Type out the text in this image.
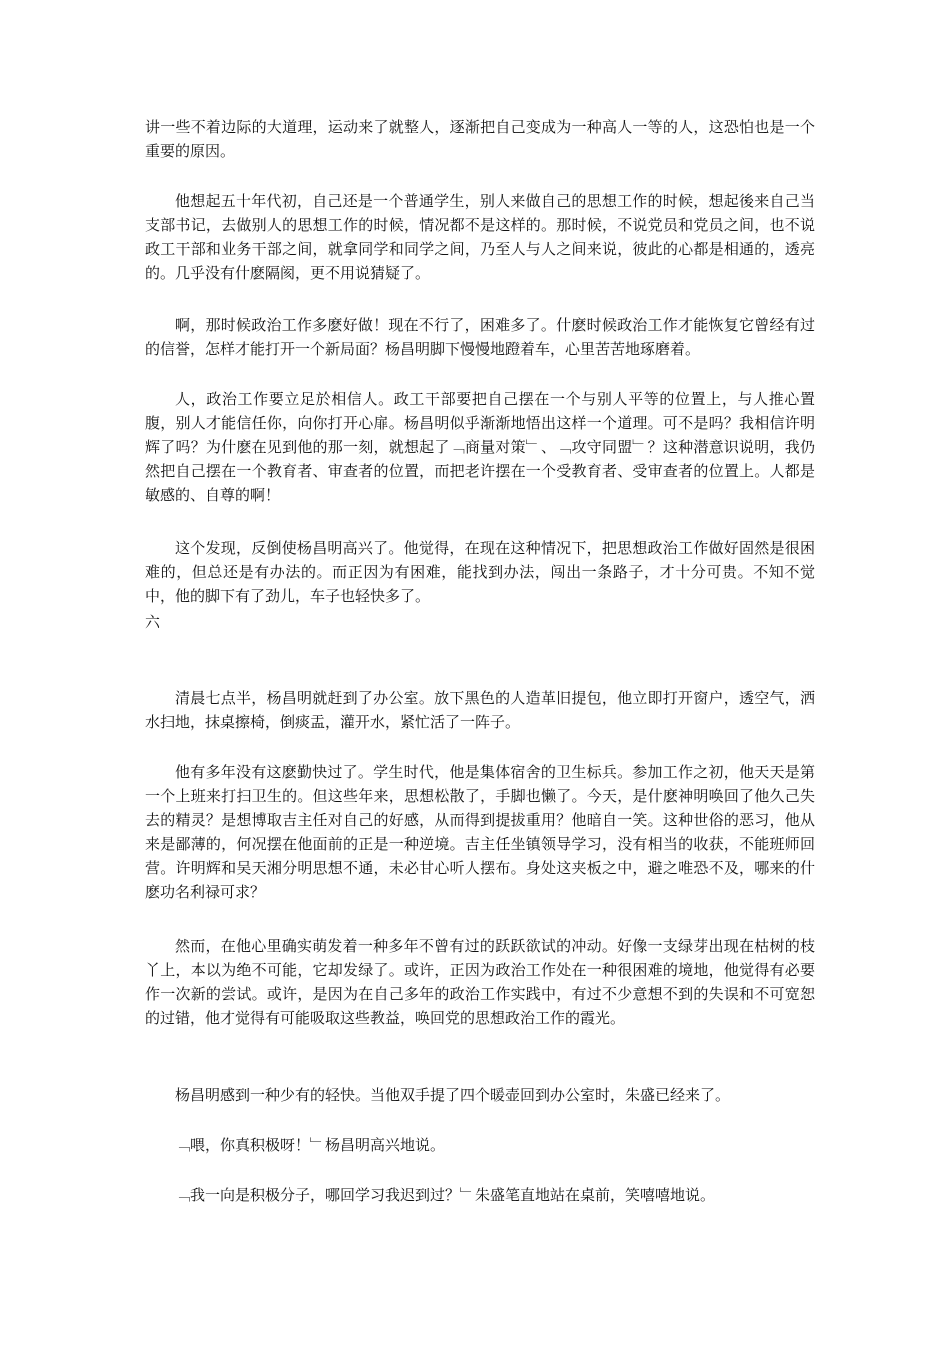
讲一些不着边际的大道理，运动来了就整人，逐渐把自己变成为一种高人一等的人，这恐怕也是一个重要的原因。

他想起五十年代初，自己还是一个普通学生，别人来做自己的思想工作的时候，想起後来自己当支部书记，去做别人的思想工作的时候，情况都不是这样的。那时候，不说党员和党员之间，也不说政工干部和业务干部之间，就拿同学和同学之间，乃至人与人之间来说，彼此的心都是相通的，透亮的。几乎没有什麽隔阂，更不用说猜疑了。

啊，那时候政治工作多麽好做！现在不行了，困难多了。什麽时候政治工作才能恢复它曾经有过的信誉，怎样才能打开一个新局面？杨昌明脚下慢慢地蹬着车，心里苦苦地琢磨着。

人，政治工作要立足於相信人。政工干部要把自己摆在一个与别人平等的位置上，与人推心置腹，别人才能信任你，向你打开心扉。杨昌明似乎渐渐地悟出这样一个道理。可不是吗？我相信许明辉了吗？为什麽在见到他的那一刻，就想起了﹁商量对策﹂、﹁攻守同盟﹂？这种潜意识说明，我仍然把自己摆在一个教育者、审查者的位置，而把老许摆在一个受教育者、受审查者的位置上。人都是敏感的、自尊的啊！

这个发现，反倒使杨昌明高兴了。他觉得，在现在这种情况下，把思想政治工作做好固然是很困难的，但总还是有办法的。而正因为有困难，能找到办法，闯出一条路子，才十分可贵。不知不觉中，他的脚下有了劲儿，车子也轻快多了。

六

清晨七点半，杨昌明就赶到了办公室。放下黑色的人造革旧提包，他立即打开窗户，透空气，洒水扫地，抹桌擦椅，倒痰盂，灌开水，紧忙活了一阵子。

他有多年没有这麽勤快过了。学生时代，他是集体宿舍的卫生标兵。参加工作之初，他天天是第一个上班来打扫卫生的。但这些年来，思想松散了，手脚也懒了。今天，是什麽神明唤回了他久己失去的精灵？是想博取吉主任对自己的好感，从而得到提拔重用？他暗自一笑。这种世俗的恶习，他从来是鄙薄的，何况摆在他面前的正是一种逆境。吉主任坐镇领导学习，没有相当的收获，不能班师回营。许明辉和吴天湘分明思想不通，未必甘心听人摆布。身处这夹板之中，避之唯恐不及，哪来的什麽功名利禄可求？

然而，在他心里确实萌发着一种多年不曾有过的跃跃欲试的冲动。好像一支绿芽出现在枯树的枝丫上，本以为绝不可能，它却发绿了。或许，正因为政治工作处在一种很困难的境地，他觉得有必要作一次新的尝试。或许，是因为在自己多年的政治工作实践中，有过不少意想不到的失误和不可宽恕的过错，他才觉得有可能吸取这些教益，唤回党的思想政治工作的霞光。

杨昌明感到一种少有的轻快。当他双手提了四个暖壶回到办公室时，朱盛已经来了。

﹁喂，你真积极呀！﹂杨昌明高兴地说。

﹁我一向是积极分子，哪回学习我迟到过？﹂朱盛笔直地站在桌前，笑嘻嘻地说。
